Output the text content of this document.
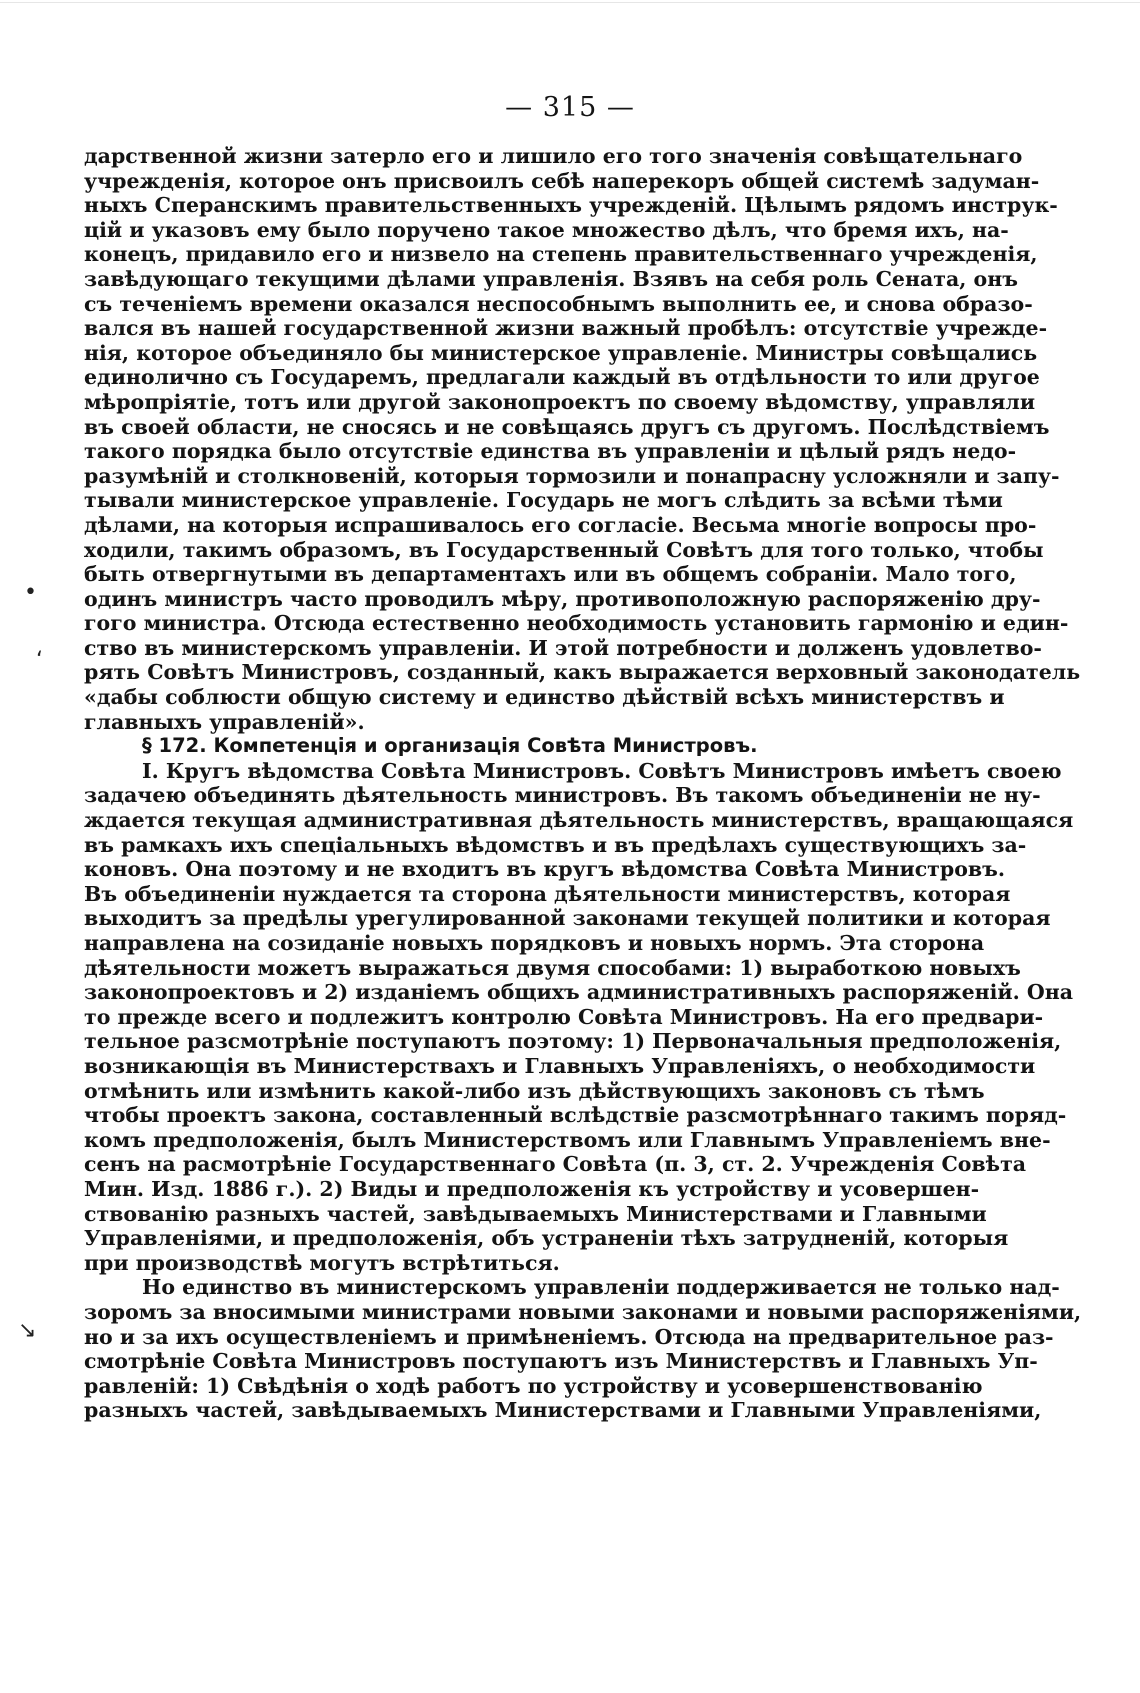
— 315 —
•
‘
↘
дарственной жизни затерло его и лишило его того значенія совѣщательнаго
учрежденія, которое онъ присвоилъ себѣ наперекоръ общей системѣ задуман-
ныхъ Сперанскимъ правительственныхъ учрежденій. Цѣлымъ рядомъ инструк-
цій и указовъ ему было поручено такое множество дѣлъ, что бремя ихъ, на-
конецъ, придавило его и низвело на степень правительственнаго учрежденія,
завѣдующаго текущими дѣлами управленія. Взявъ на себя роль Сената, онъ
съ теченіемъ времени оказался неспособнымъ выполнить ее, и снова образо-
вался въ нашей государственной жизни важный пробѣлъ: отсутствіе учрежде-
нія, которое объединяло бы министерское управленіе. Министры совѣщались
единолично съ Государемъ, предлагали каждый въ отдѣльности то или другое
мѣропріятіе, тотъ или другой законопроектъ по своему вѣдомству, управляли
въ своей области, не сносясь и не совѣщаясь другъ съ другомъ. Послѣдствіемъ
такого порядка было отсутствіе единства въ управленіи и цѣлый рядъ недо-
разумѣній и столкновеній, которыя тормозили и понапрасну усложняли и запу-
тывали министерское управленіе. Государь не могъ слѣдить за всѣми тѣми
дѣлами, на которыя испрашивалось его согласіе. Весьма многіе вопросы про-
ходили, такимъ образомъ, въ Государственный Совѣтъ для того только, чтобы
быть отвергнутыми въ департаментахъ или въ общемъ собраніи. Мало того,
одинъ министръ часто проводилъ мѣру, противоположную распоряженію дру-
гого министра. Отсюда естественно необходимость установить гармонію и един-
ство въ министерскомъ управленіи. И этой потребности и долженъ удовлетво-
рять Совѣтъ Министровъ, созданный, какъ выражается верховный законодатель
«дабы соблюсти общую систему и единство дѣйствій всѣхъ министерствъ и
главныхъ управленій».
§ 172. Компетенція и организація Совѣта Министровъ.
I. Кругъ вѣдомства Совѣта Министровъ. Совѣтъ Министровъ имѣетъ своею
задачею объединять дѣятельность министровъ. Въ такомъ объединеніи не ну-
ждается текущая административная дѣятельность министерствъ, вращающаяся
въ рамкахъ ихъ спеціальныхъ вѣдомствъ и въ предѣлахъ существующихъ за-
коновъ. Она поэтому и не входитъ въ кругъ вѣдомства Совѣта Министровъ.
Въ объединеніи нуждается та сторона дѣятельности министерствъ, которая
выходитъ за предѣлы урегулированной законами текущей политики и которая
направлена на созиданіе новыхъ порядковъ и новыхъ нормъ. Эта сторона
дѣятельности можетъ выражаться двумя способами: 1) выработкою новыхъ
законопроектовъ и 2) изданіемъ общихъ административныхъ распоряженій. Она
то прежде всего и подлежитъ контролю Совѣта Министровъ. На его предвари-
тельное разсмотрѣніе поступаютъ поэтому: 1) Первоначальныя предположенія,
возникающія въ Министерствахъ и Главныхъ Управленіяхъ, о необходимости
отмѣнить или измѣнить какой-либо изъ дѣйствующихъ законовъ съ тѣмъ
чтобы проектъ закона, составленный вслѣдствіе разсмотрѣннаго такимъ поряд-
комъ предположенія, былъ Министерствомъ или Главнымъ Управленіемъ вне-
сенъ на расмотрѣніе Государственнаго Совѣта (п. 3, ст. 2. Учрежденія Совѣта
Мин. Изд. 1886 г.). 2) Виды и предположенія къ устройству и усовершен-
ствованію разныхъ частей, завѣдываемыхъ Министерствами и Главными
Управленіями, и предположенія, объ устраненіи тѣхъ затрудненій, которыя
при производствѣ могутъ встрѣтиться.
Но единство въ министерскомъ управленіи поддерживается не только над-
зоромъ за вносимыми министрами новыми законами и новыми распоряженіями,
но и за ихъ осуществленіемъ и примѣненіемъ. Отсюда на предварительное раз-
смотрѣніе Совѣта Министровъ поступаютъ изъ Министерствъ и Главныхъ Уп-
равленій: 1) Свѣдѣнія о ходѣ работъ по устройству и усовершенствованію
разныхъ частей, завѣдываемыхъ Министерствами и Главными Управленіями,
